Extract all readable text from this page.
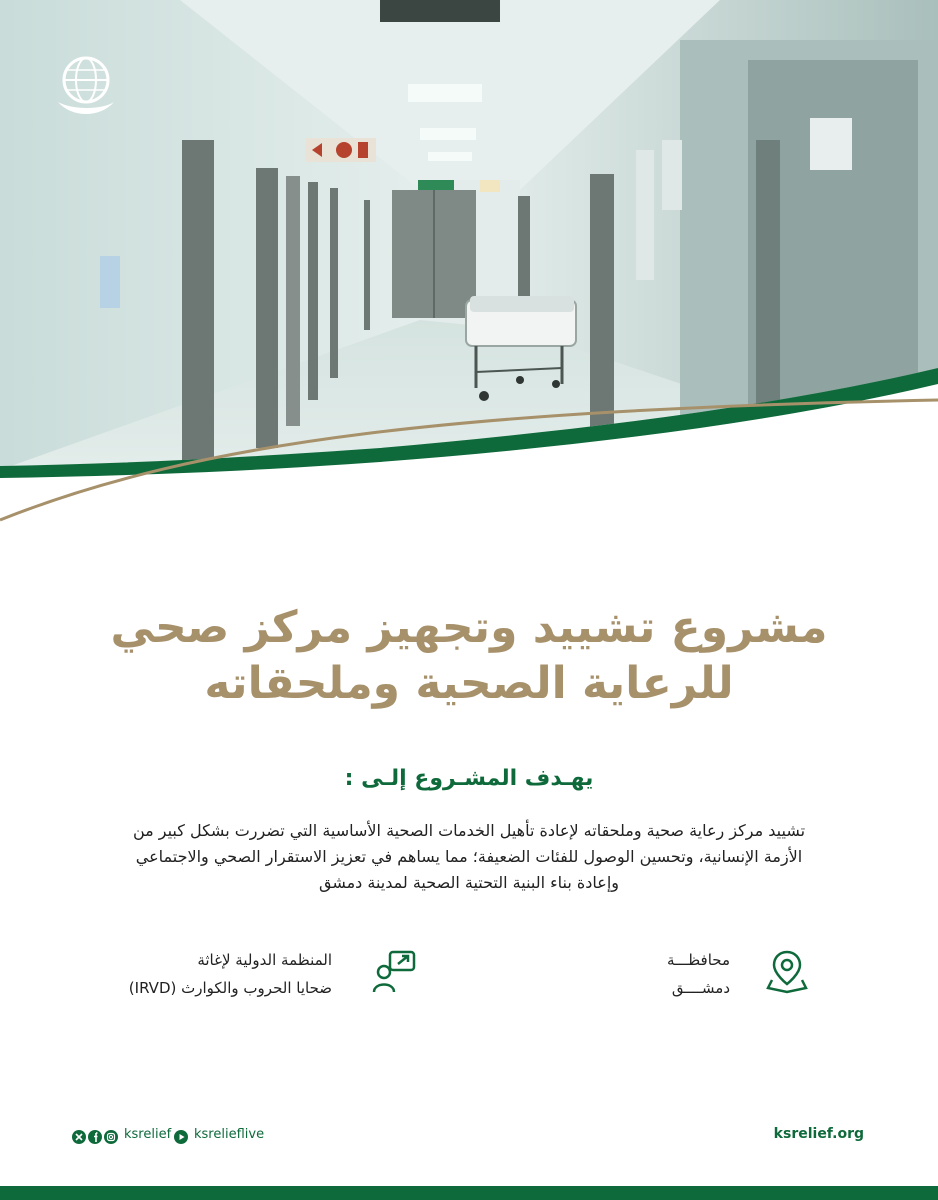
مشروع تشييد وتجهيز مركز صحي
للرعاية الصحية وملحقاته
يهـدف المشـروع إلـى :
تشييد مركز رعاية صحية وملحقاته لإعادة تأهيل الخدمات الصحية الأساسية التي تضررت بشكل كبير من الأزمة الإنسانية، وتحسين الوصول للفئات الضعيفة؛ مما يساهم في تعزيز الاستقرار الصحي والاجتماعي وإعادة بناء البنية التحتية الصحية لمدينة دمشق
محافظـــة
دمشــــق
المنظمة الدولية لإغاثة
ضحايا الحروب والكوارث (IRVD)
ksrelief ksrelieflive	ksrelief.org
